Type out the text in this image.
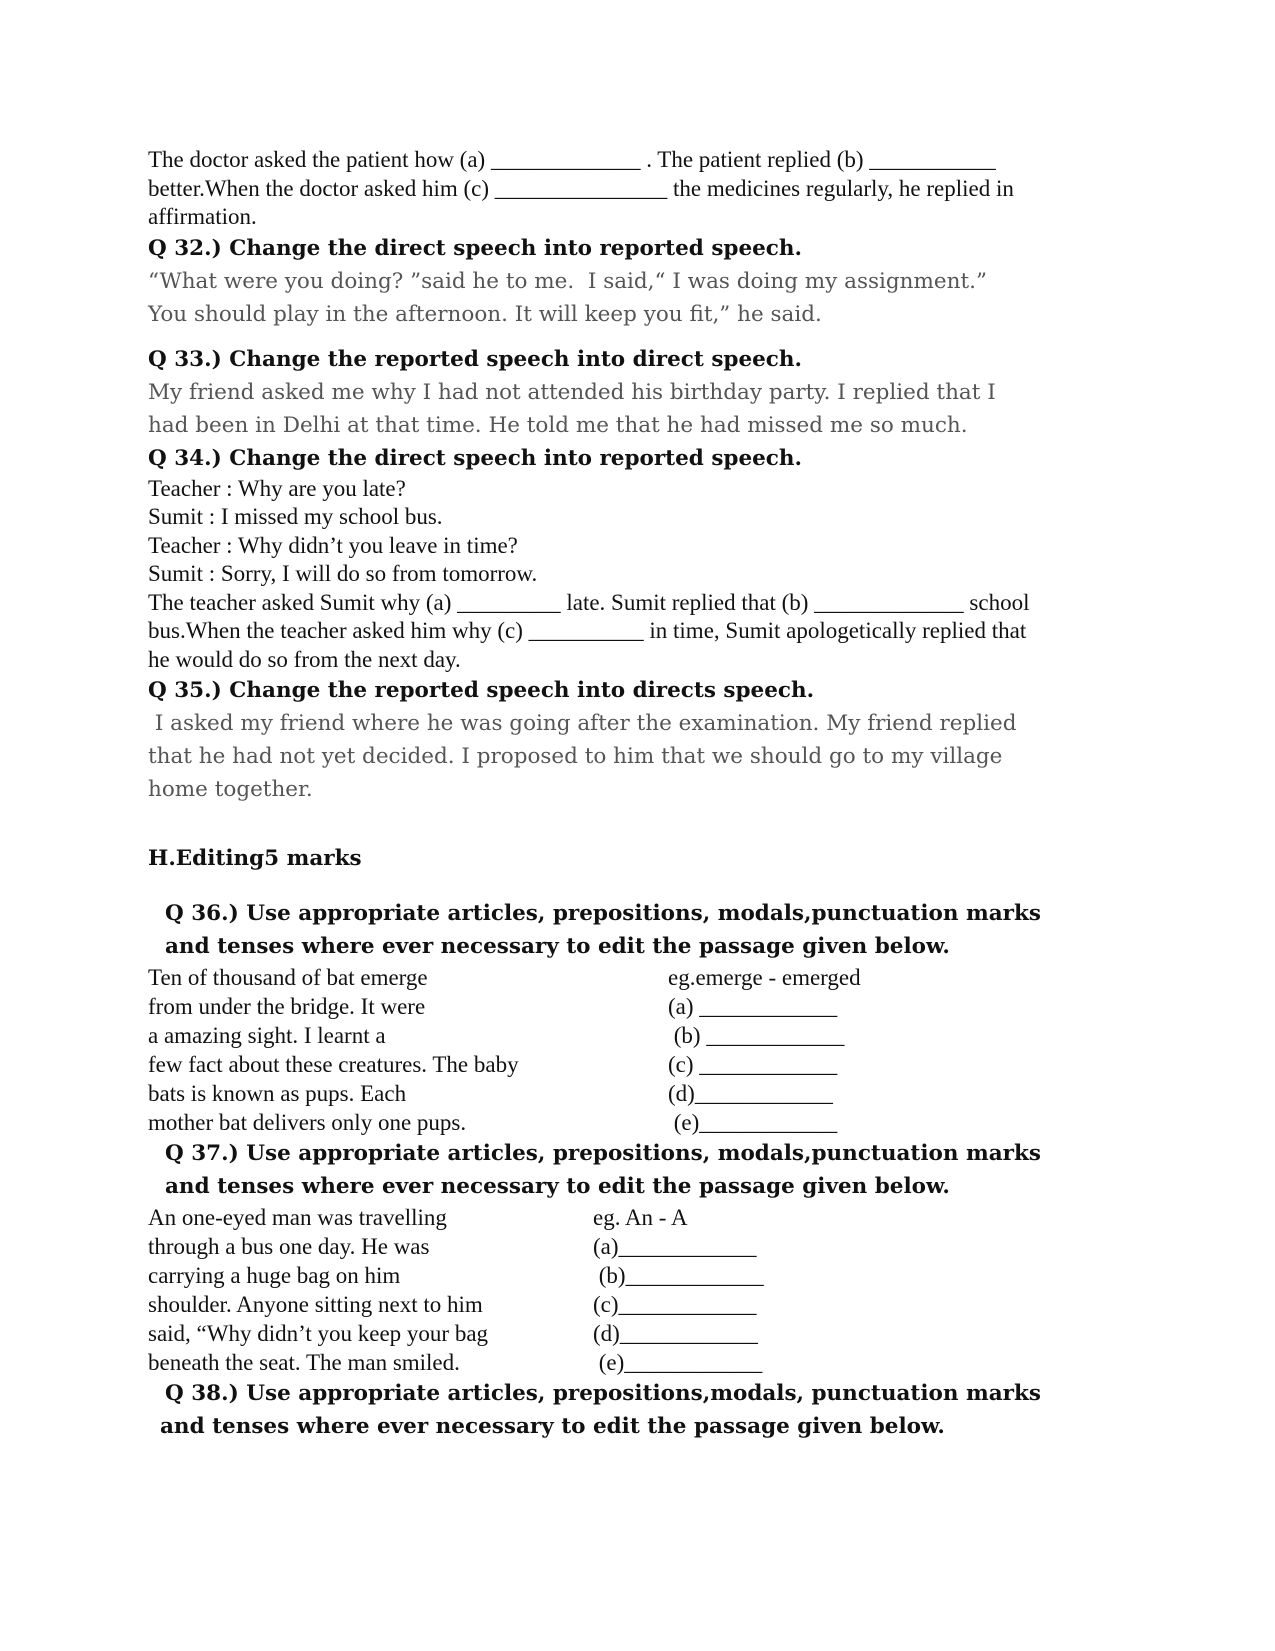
The doctor asked the patient how (a) _____________ . The patient replied (b) ___________
better.When the doctor asked him (c) _______________ the medicines regularly, he replied in
affirmation.
Q 32.) Change the direct speech into reported speech.
“What were you doing? ”said he to me.  I said,“ I was doing my assignment.”
You should play in the afternoon. It will keep you fit,” he said.
Q 33.) Change the reported speech into direct speech.
My friend asked me why I had not attended his birthday party. I replied that I
had been in Delhi at that time. He told me that he had missed me so much.
Q 34.) Change the direct speech into reported speech.
Teacher : Why are you late?
Sumit : I missed my school bus.
Teacher : Why didn’t you leave in time?
Sumit : Sorry, I will do so from tomorrow.
The teacher asked Sumit why (a) _________ late. Sumit replied that (b) _____________ school
bus.When the teacher asked him why (c) __________ in time, Sumit apologetically replied that
he would do so from the next day.
Q 35.) Change the reported speech into directs speech.
I asked my friend where he was going after the examination. My friend replied
that he had not yet decided. I proposed to him that we should go to my village
home together.
H.Editing5 marks
Q 36.) Use appropriate articles, prepositions, modals,punctuation marks
and tenses where ever necessary to edit the passage given below.
Ten of thousand of bat emerge	eg.emerge - emerged
from under the bridge. It were	(a) ____________
a amazing sight. I learnt a	(b) ____________
few fact about these creatures. The baby	(c) ____________
bats is known as pups. Each	(d)____________
mother bat delivers only one pups.	(e)____________
Q 37.) Use appropriate articles, prepositions, modals,punctuation marks
and tenses where ever necessary to edit the passage given below.
An one-eyed man was travelling	eg. An - A
through a bus one day. He was	(a)____________
carrying a huge bag on him	(b)____________
shoulder. Anyone sitting next to him	(c)____________
said, “Why didn’t you keep your bag	(d)____________
beneath the seat. The man smiled.	(e)____________
Q 38.) Use appropriate articles, prepositions,modals, punctuation marks
and tenses where ever necessary to edit the passage given below.
